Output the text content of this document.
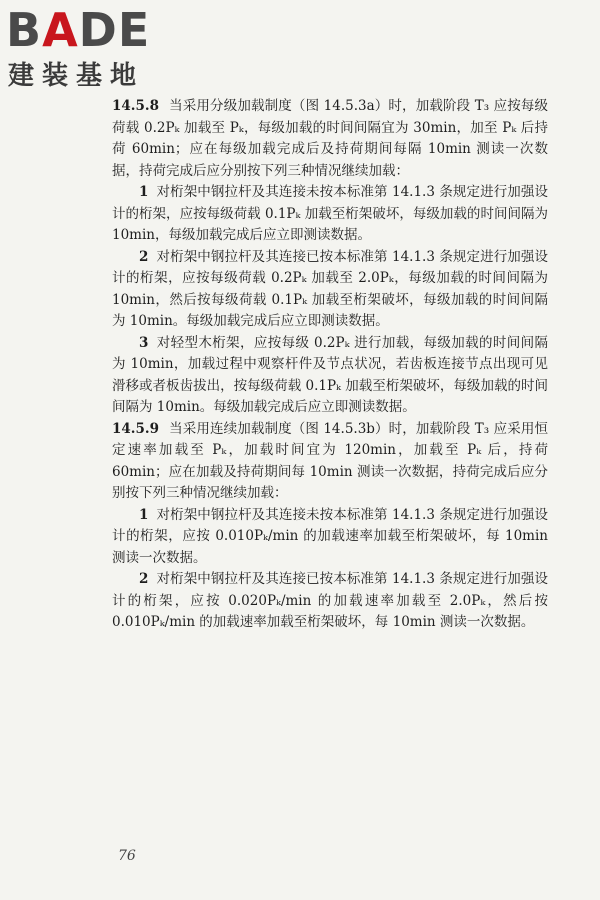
BADE
建装基地

14.5.8 当采用分级加载制度（图 14.5.3a）时，加载阶段 T₃ 应按每级荷载 0.2Pₖ 加载至 Pₖ，每级加载的时间间隔宜为 30min，加至 Pₖ 后持荷 60min；应在每级加载完成后及持荷期间每隔 10min 测读一次数据，持荷完成后应分别按下列三种情况继续加载：

1 对桁架中钢拉杆及其连接未按本标准第 14.1.3 条规定进行加强设计的桁架，应按每级荷载 0.1Pₖ 加载至桁架破坏，每级加载的时间间隔为 10min，每级加载完成后应立即测读数据。

2 对桁架中钢拉杆及其连接已按本标准第 14.1.3 条规定进行加强设计的桁架，应按每级荷载 0.2Pₖ 加载至 2.0Pₖ，每级加载的时间间隔为 10min，然后按每级荷载 0.1Pₖ 加载至桁架破坏，每级加载的时间间隔为 10min。每级加载完成后应立即测读数据。

3 对轻型木桁架，应按每级 0.2Pₖ 进行加载，每级加载的时间间隔为 10min，加载过程中观察杆件及节点状况，若齿板连接节点出现可见滑移或者板齿拔出，按每级荷载 0.1Pₖ 加载至桁架破坏，每级加载的时间间隔为 10min。每级加载完成后应立即测读数据。

14.5.9 当采用连续加载制度（图 14.5.3b）时，加载阶段 T₃ 应采用恒定速率加载至 Pₖ，加载时间宜为 120min，加载至 Pₖ 后，持荷 60min；应在加载及持荷期间每 10min 测读一次数据，持荷完成后应分别按下列三种情况继续加载：

1 对桁架中钢拉杆及其连接未按本标准第 14.1.3 条规定进行加强设计的桁架，应按 0.010Pₖ/min 的加载速率加载至桁架破坏，每 10min 测读一次数据。

2 对桁架中钢拉杆及其连接已按本标准第 14.1.3 条规定进行加强设计的桁架，应按 0.020Pₖ/min 的加载速率加载至 2.0Pₖ，然后按 0.010Pₖ/min 的加载速率加载至桁架破坏，每 10min 测读一次数据。

76
